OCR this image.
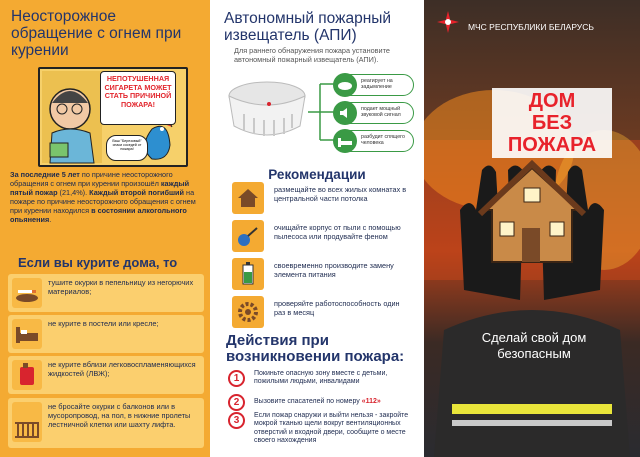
Неосторожное обращение с огнем при курении
НЕПОТУШЕННАЯ СИГАРЕТА МОЖЕТ СТАТЬ ПРИЧИНОЙ ПОЖАРА!
Ваш "Березовый" спаси соседей от пожара!
За последние 5 лет по причине неосторожного обращения с огнем при курении произошёл каждый пятый пожар (21,4%). Каждый второй погибший на пожаре по причине неосторожного обращения с огнем при курении находился в состоянии алкогольного опьянения.
Если вы курите дома, то
тушите окурки в пепельницу из негорючих материалов;
не курите в постели или кресле;
не курите вблизи легковоспламеняющихся жидкостей (ЛВЖ);
не бросайте окурки с балконов или в мусоропровод, на пол, в нижние пролеты лестничной клетки или шахту лифта.
Автономный пожарный извещатель (АПИ)
Для раннего обнаружения пожара установите автономный пожарный извещатель (АПИ).
реагирует на задымление
подает мощный звуковой сигнал
разбудит спящего человека
Рекомендации
размещайте во всех жилых комнатах в центральной части потолка
очищайте корпус от пыли с помощью пылесоса или продувайте феном
своевременно производите замену элемента питания
проверяйте работоспособность один раз в месяц
Действия при возникновении пожара:
1	Покиньте опасную зону вместе с детьми, пожилыми людьми, инвалидами
2	Вызовите спасателей по номеру «112»
3	Если пожар снаружи и выйти нельзя - закройте мокрой тканью щели вокруг вентиляционных отверстий и входной двери, сообщите о месте своего нахождения
МЧС РЕСПУБЛИКИ БЕЛАРУСЬ
ДОМ
БЕЗ ПОЖАРА
Сделай свой дом безопасным
